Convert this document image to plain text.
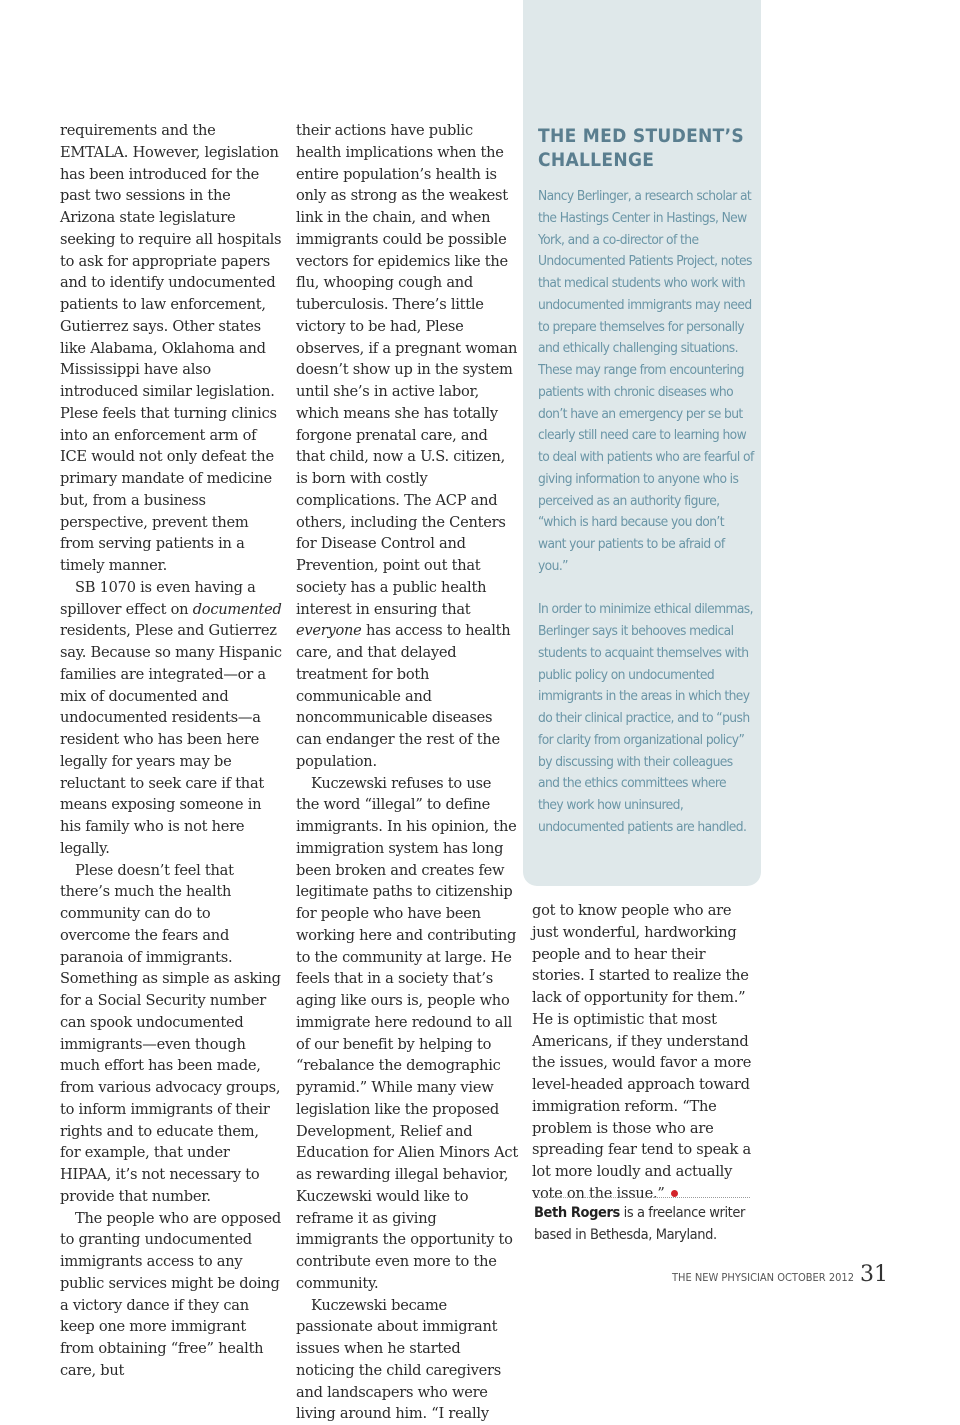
requirements and the EMTALA. However, legislation has been introduced for the past two sessions in the Arizona state legislature seeking to require all hospitals to ask for appropriate papers and to identify undocumented patients to law enforcement, Gutierrez says. Other states like Alabama, Oklahoma and Mississippi have also introduced similar legislation. Plese feels that turning clinics into an enforcement arm of ICE would not only defeat the primary mandate of medicine but, from a business perspective, prevent them from serving patients in a timely manner.

SB 1070 is even having a spillover effect on documented residents, Plese and Gutierrez say. Because so many Hispanic families are integrated—or a mix of documented and undocumented residents—a resident who has been here legally for years may be reluctant to seek care if that means exposing someone in his family who is not here legally.

Plese doesn’t feel that there’s much the health community can do to overcome the fears and paranoia of immigrants. Something as simple as asking for a Social Security number can spook undocumented immigrants—even though much effort has been made, from various advocacy groups, to inform immigrants of their rights and to educate them, for example, that under HIPAA, it’s not necessary to provide that number.

The people who are opposed to granting undocumented immigrants access to any public services might be doing a victory dance if they can keep one more immigrant from obtaining “free” health care, but

their actions have public health implications when the entire population’s health is only as strong as the weakest link in the chain, and when immigrants could be possible vectors for epidemics like the flu, whooping cough and tuberculosis. There’s little victory to be had, Plese observes, if a pregnant woman doesn’t show up in the system until she’s in active labor, which means she has totally forgone prenatal care, and that child, now a U.S. citizen, is born with costly complications. The ACP and others, including the Centers for Disease Control and Prevention, point out that society has a public health interest in ensuring that everyone has access to health care, and that delayed treatment for both communicable and noncommunicable diseases can endanger the rest of the population.

Kuczewski refuses to use the word “illegal” to define immigrants. In his opinion, the immigration system has long been broken and creates few legitimate paths to citizenship for people who have been working here and contributing to the community at large. He feels that in a society that’s aging like ours is, people who immigrate here redound to all of our benefit by helping to “rebalance the demographic pyramid.” While many view legislation like the proposed Development, Relief and Education for Alien Minors Act as rewarding illegal behavior, Kuczewski would like to reframe it as giving immigrants the opportunity to contribute even more to the community.

Kuczewski became passionate about immigrant issues when he started noticing the child caregivers and landscapers who were living around him. “I really

THE MED STUDENT’S CHALLENGE

Nancy Berlinger, a research scholar at the Hastings Center in Hastings, New York, and a co-director of the Undocumented Patients Project, notes that medical students who work with undocumented immigrants may need to prepare themselves for personally and ethically challenging situations. These may range from encountering patients with chronic diseases who don’t have an emergency per se but clearly still need care to learning how to deal with patients who are fearful of giving information to anyone who is perceived as an authority figure, “which is hard because you don’t want your patients to be afraid of you.”

In order to minimize ethical dilemmas, Berlinger says it behooves medical students to acquaint themselves with public policy on undocumented immigrants in the areas in which they do their clinical practice, and to “push for clarity from organizational policy” by discussing with their colleagues and the ethics committees where they work how uninsured, undocumented patients are handled.

got to know people who are just wonderful, hardworking people and to hear their stories. I started to realize the lack of opportunity for them.” He is optimistic that most Americans, if they understand the issues, would favor a more level-headed approach toward immigration reform. “The problem is those who are spreading fear tend to speak a lot more loudly and actually vote on the issue.”

Beth Rogers is a freelance writer based in Bethesda, Maryland.
THE NEW PHYSICIAN OCTOBER 2012 31
